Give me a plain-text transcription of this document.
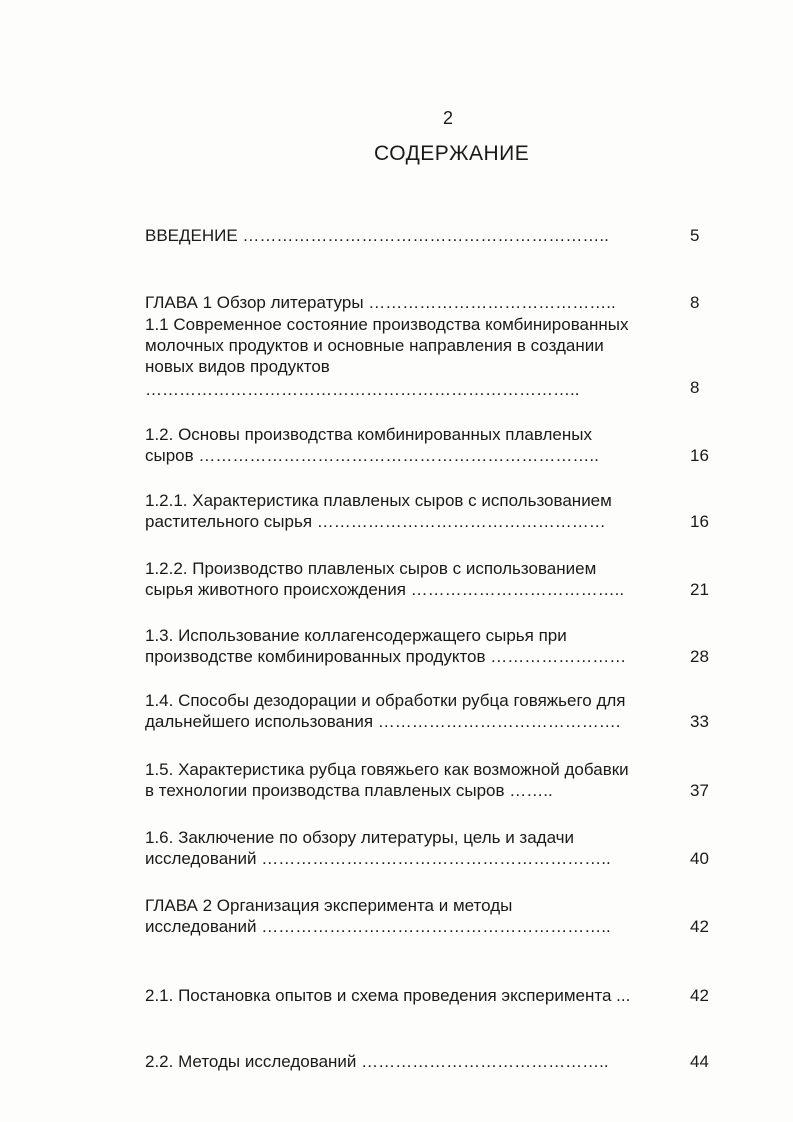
2
СОДЕРЖАНИЕ
ВВЕДЕНИЕ ………………………………………………………..	5
ГЛАВА 1 Обзор литературы ……………………………………..	8
1.1 Современное состояние производства комбинированных
молочных продуктов и основные направления в создании
новых видов продуктов
…………………………………………………………………..	8
1.2. Основы производства комбинированных плавленых
сыров ……………………………………………………………..	16
1.2.1. Характеристика плавленых сыров с использованием
растительного сырья ……………………………………………	16
1.2.2. Производство плавленых сыров с использованием
сырья животного происхождения ………………………………..	21
1.3. Использование коллагенсодержащего сырья при
производстве комбинированных продуктов ……………………	28
1.4. Способы дезодорации и обработки рубца говяжьего для
дальнейшего использования …………………………………….	33
1.5. Характеристика рубца говяжьего как возможной добавки
в технологии производства плавленых сыров ……..	37
1.6. Заключение по обзору литературы, цель и задачи
исследований ……………………………………………………..	40
ГЛАВА 2 Организация эксперимента и методы
исследований ……………………………………………………..	42
2.1. Постановка опытов и схема проведения эксперимента ...	42
2.2. Методы исследований ……………………………………..	44
